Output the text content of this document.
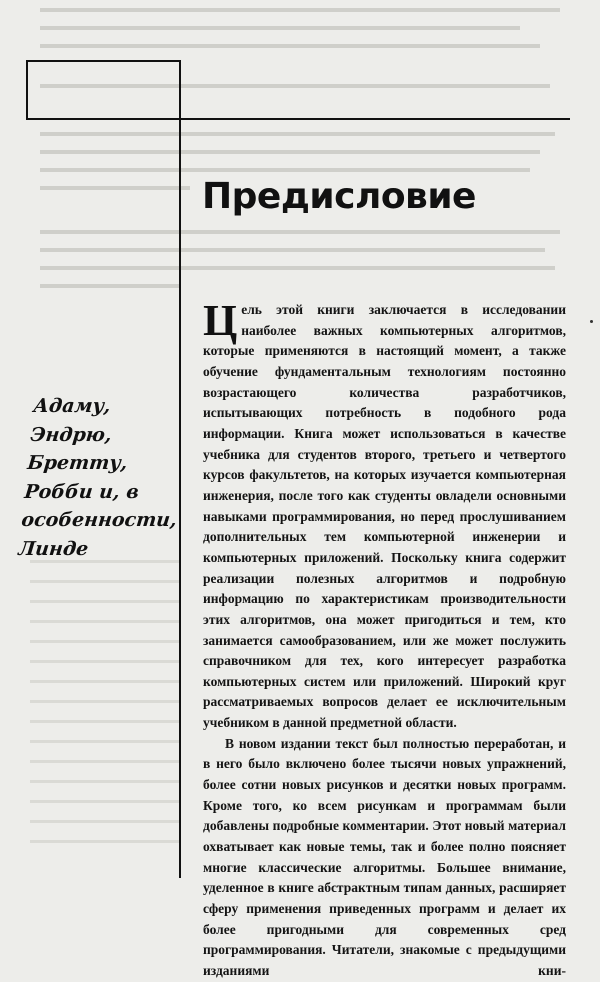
Предисловие
Адаму,
Эндрю,
Бретту,
Робби и, в
особенности,
Линде

Цель этой книги заключается в исследовании наиболее важных компьютерных алгоритмов, которые применяются в настоящий момент, а также обучение фундаментальным технологиям постоянно возрастающего количества разработчиков, испытывающих потребность в подобного рода информации. Книга может использоваться в качестве учебника для студентов второго, третьего и четвертого курсов факультетов, на которых изучается компьютерная инженерия, после того как студенты овладели основными навыками программирования, но перед прослушиванием дополнительных тем компьютерной инженерии и компьютерных приложений. Поскольку книга содержит реализации полезных алгоритмов и подробную информацию по характеристикам производительности этих алгоритмов, она может пригодиться и тем, кто занимается самообразованием, или же может послужить справочником для тех, кого интересует разработка компьютерных систем или приложений. Широкий круг рассматриваемых вопросов делает ее исключительным учебником в данной предметной области.

В новом издании текст был полностью переработан, и в него было включено более тысячи новых упражнений, более сотни новых рисунков и десятки новых программ. Кроме того, ко всем рисункам и программам были добавлены подробные комментарии. Этот новый материал охватывает как новые темы, так и более полно поясняет многие классические алгоритмы. Большее внимание, уделенное в книге абстрактным типам данных, расширяет сферу применения приведенных программ и делает их более пригодными для современных сред программирования. Читатели, знакомые с предыдущими изданиями кни-
